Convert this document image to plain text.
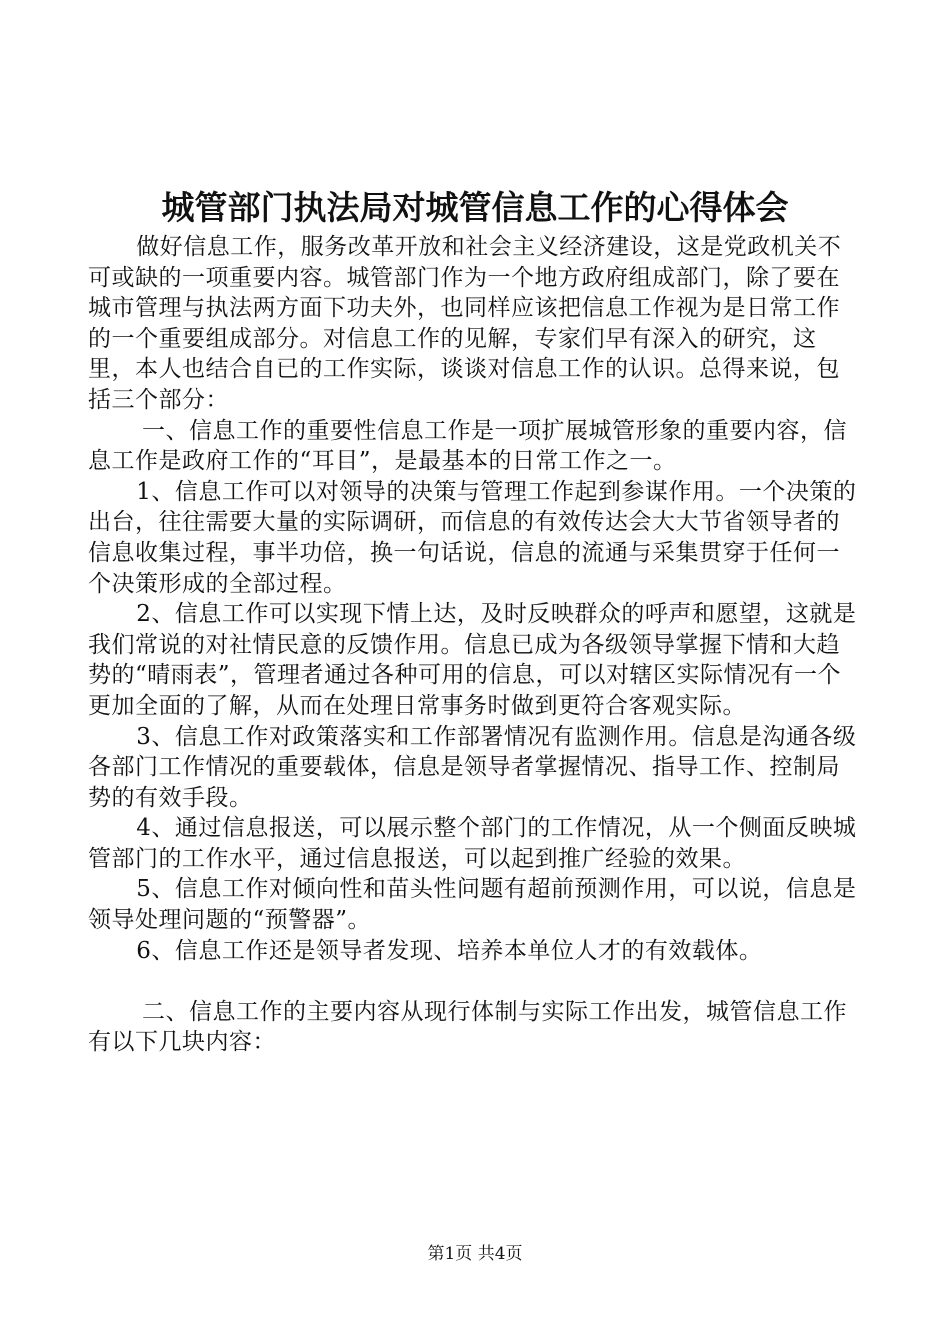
城管部门执法局对城管信息工作的心得体会

做好信息工作，服务改革开放和社会主义经济建设，这是党政机关不可或缺的一项重要内容。城管部门作为一个地方政府组成部门，除了要在城市管理与执法两方面下功夫外，也同样应该把信息工作视为是日常工作的一个重要组成部分。对信息工作的见解，专家们早有深入的研究，这里，本人也结合自已的工作实际，谈谈对信息工作的认识。总得来说，包括三个部分：

一、信息工作的重要性信息工作是一项扩展城管形象的重要内容，信息工作是政府工作的“耳目”，是最基本的日常工作之一。

1、信息工作可以对领导的决策与管理工作起到参谋作用。一个决策的出台，往往需要大量的实际调研，而信息的有效传达会大大节省领导者的信息收集过程，事半功倍，换一句话说，信息的流通与采集贯穿于任何一个决策形成的全部过程。

2、信息工作可以实现下情上达，及时反映群众的呼声和愿望，这就是我们常说的对社情民意的反馈作用。信息已成为各级领导掌握下情和大趋势的“晴雨表”，管理者通过各种可用的信息，可以对辖区实际情况有一个更加全面的了解，从而在处理日常事务时做到更符合客观实际。

3、信息工作对政策落实和工作部署情况有监测作用。信息是沟通各级各部门工作情况的重要载体，信息是领导者掌握情况、指导工作、控制局势的有效手段。

4、通过信息报送，可以展示整个部门的工作情况，从一个侧面反映城管部门的工作水平，通过信息报送，可以起到推广经验的效果。

5、信息工作对倾向性和苗头性问题有超前预测作用，可以说，信息是领导处理问题的“预警器”。

6、信息工作还是领导者发现、培养本单位人才的有效载体。

二、信息工作的主要内容从现行体制与实际工作出发，城管信息工作有以下几块内容：

第1页 共4页
